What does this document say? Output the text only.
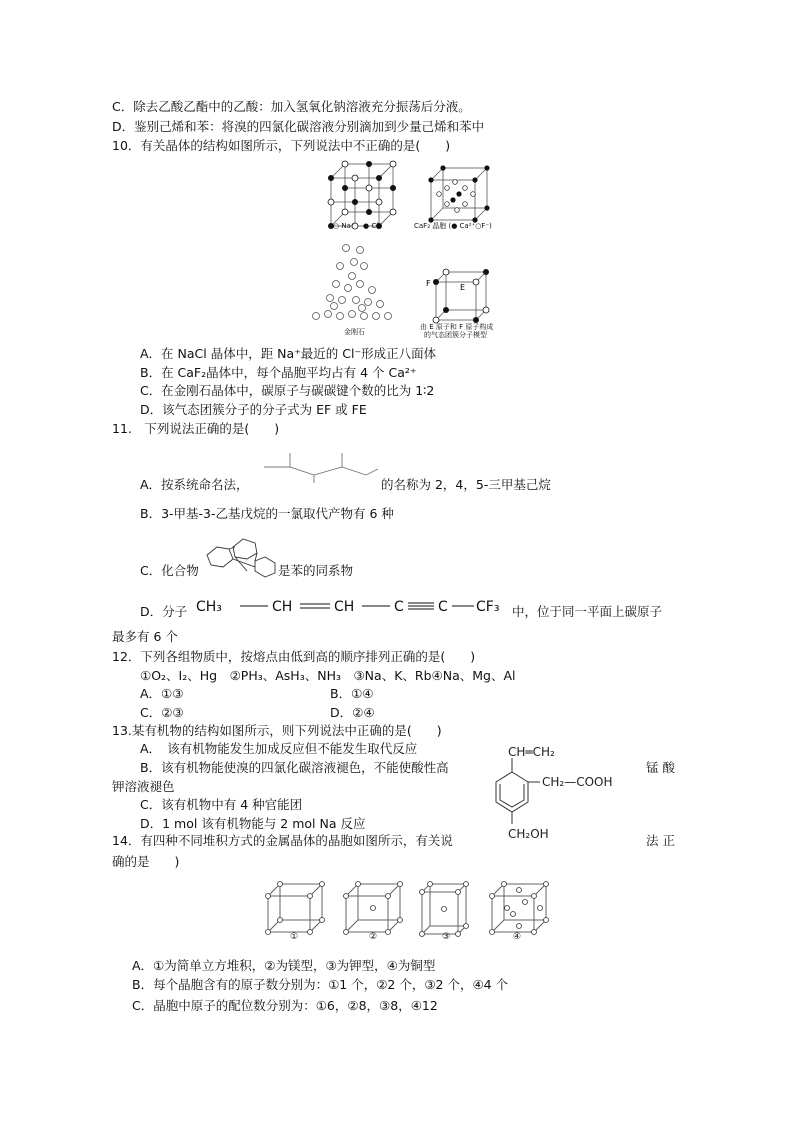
C．除去乙酸乙酯中的乙酸：加入氢氧化钠溶液充分振荡后分液。
D．鉴别己烯和苯：将溴的四氯化碳溶液分别滴加到少量己烯和苯中
10．有关晶体的结构如图所示，下列说法中不正确的是(　　)
○ Na⁺ ● Cl⁻	CaF₂ 晶胞 (● Ca²⁺○F⁻)
金刚石
F	E
由 E 原子和 F 原子构成
的气态团簇分子模型
A．在 NaCl 晶体中，距 Na⁺最近的 Cl⁻形成正八面体
B．在 CaF₂晶体中，每个晶胞平均占有 4 个 Ca²⁺
C．在金刚石晶体中，碳原子与碳碳键个数的比为 1∶2
D．该气态团簇分子的分子式为 EF 或 FE
11.　下列说法正确的是(　　)
A．按系统命名法，	的名称为 2，4，5-三甲基己烷
B．3-甲基-3-乙基戊烷的一氯取代产物有 6 种
C．化合物	是苯的同系物
D．分子 CH₃	CH	CH	C C CF₃ 中，位于同一平面上碳原子
最多有 6 个
12．下列各组物质中，按熔点由低到高的顺序排列正确的是(　　)
①O₂、I₂、Hg　②PH₃、AsH₃、NH₃　③Na、K、Rb④Na、Mg、Al
A．①③	B．①④
C．②③	D．②④
13.某有机物的结构如图所示，则下列说法中正确的是(　　)
A．　该有机物能发生加成反应但不能发生取代反应
B．该有机物能使溴的四氯化碳溶液褪色，不能使酸性高	锰 酸
钾溶液褪色
C．该有机物中有 4 种官能团
D．1 mol 该有机物能与 2 mol Na 反应
CH═CH₂
CH₂—COOH
CH₂OH
14．有四种不同堆积方式的金属晶体的晶胞如图所示，有关说	法 正
确的是　　)
①	②	③	④
A．①为简单立方堆积，②为镁型，③为钾型，④为铜型
B．每个晶胞含有的原子数分别为：①1 个，②2 个，③2 个，④4 个
C．晶胞中原子的配位数分别为：①6，②8，③8，④12
